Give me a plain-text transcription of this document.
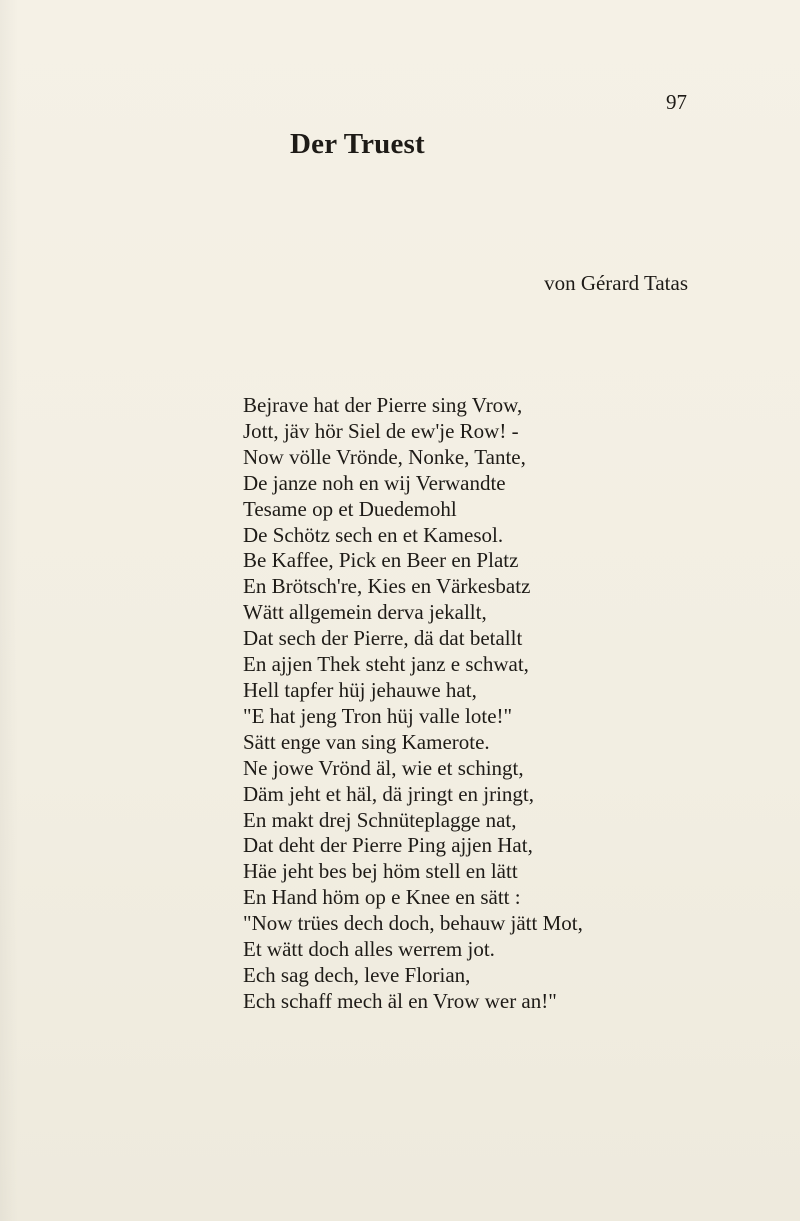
97
Der Truest
von Gérard Tatas
Bejrave hat der Pierre sing Vrow,
Jott, jäv hör Siel de ew'je Row! -
Now völle Vrönde, Nonke, Tante,
De janze noh en wij Verwandte
Tesame op et Duedemohl
De Schötz sech en et Kamesol.
Be Kaffee, Pick en Beer en Platz
En Brötsch're, Kies en Värkesbatz
Wätt allgemein derva jekallt,
Dat sech der Pierre, dä dat betallt
En ajjen Thek steht janz e schwat,
Hell tapfer hüj jehauwe hat,
"E hat jeng Tron hüj valle lote!"
Sätt enge van sing Kamerote.
Ne jowe Vrönd äl, wie et schingt,
Däm jeht et häl, dä jringt en jringt,
En makt drej Schnüteplagge nat,
Dat deht der Pierre Ping ajjen Hat,
Häe jeht bes bej höm stell en lätt
En Hand höm op e Knee en sätt :
"Now trües dech doch, behauw jätt Mot,
Et wätt doch alles werrem jot.
Ech sag dech, leve Florian,
Ech schaff mech äl en Vrow wer an!"
